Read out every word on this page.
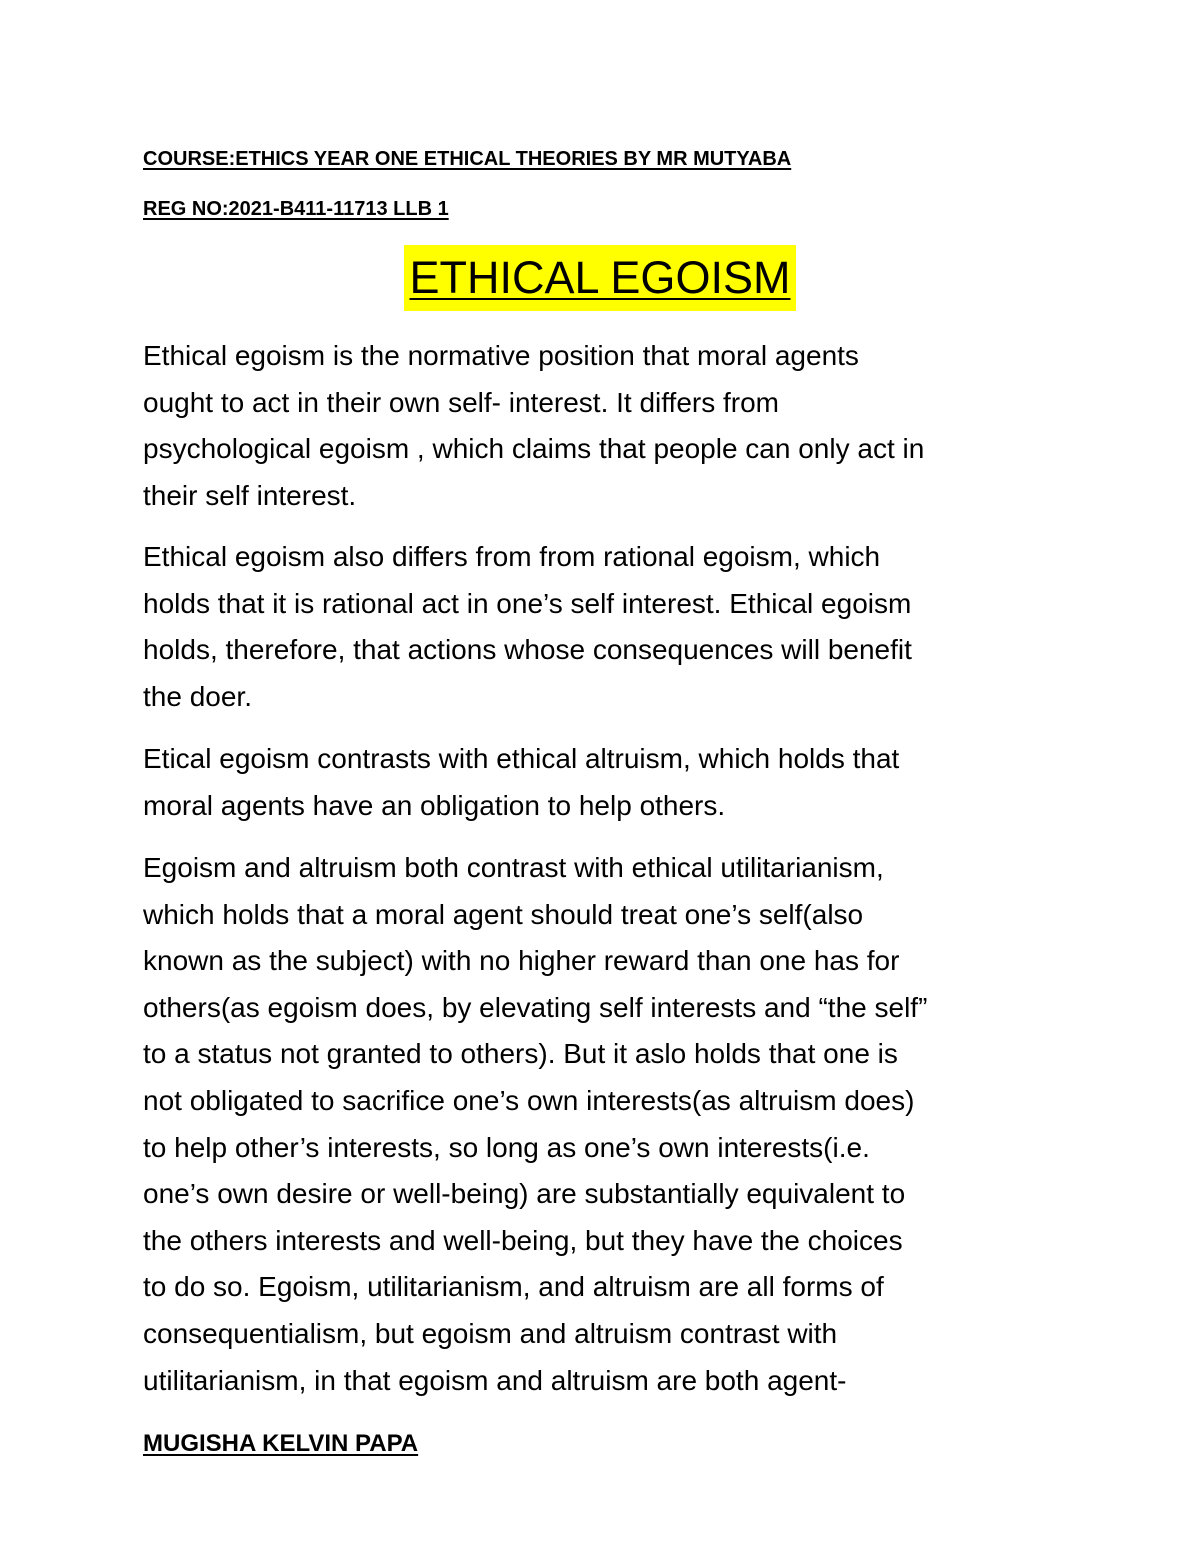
COURSE:ETHICS YEAR ONE ETHICAL THEORIES BY MR MUTYABA
REG NO:2021-B411-11713 LLB 1
ETHICAL EGOISM

Ethical egoism is the normative position that moral agents
ought to act in their own self- interest. It differs from
psychological egoism , which claims that people can only act in
their self interest.

Ethical egoism also differs from from rational egoism, which
holds that it is rational act in one’s self interest. Ethical egoism
holds, therefore, that actions whose consequences will benefit
the doer.

Etical egoism contrasts with ethical altruism, which holds that
moral agents have an obligation to help others.

Egoism and altruism both contrast with ethical utilitarianism,
which holds that a moral agent should treat one’s self(also
known as the subject) with no higher reward than one has for
others(as egoism does, by elevating self interests and “the self”
to a status not granted to others). But it aslo holds that one is
not obligated to sacrifice one’s own interests(as altruism does)
to help other’s interests, so long as one’s own interests(i.e.
one’s own desire or well-being) are substantially equivalent to
the others interests and well-being, but they have the choices
to do so. Egoism, utilitarianism, and altruism are all forms of
consequentialism, but egoism and altruism contrast with
utilitarianism, in that egoism and altruism are both agent-

MUGISHA KELVIN PAPA
